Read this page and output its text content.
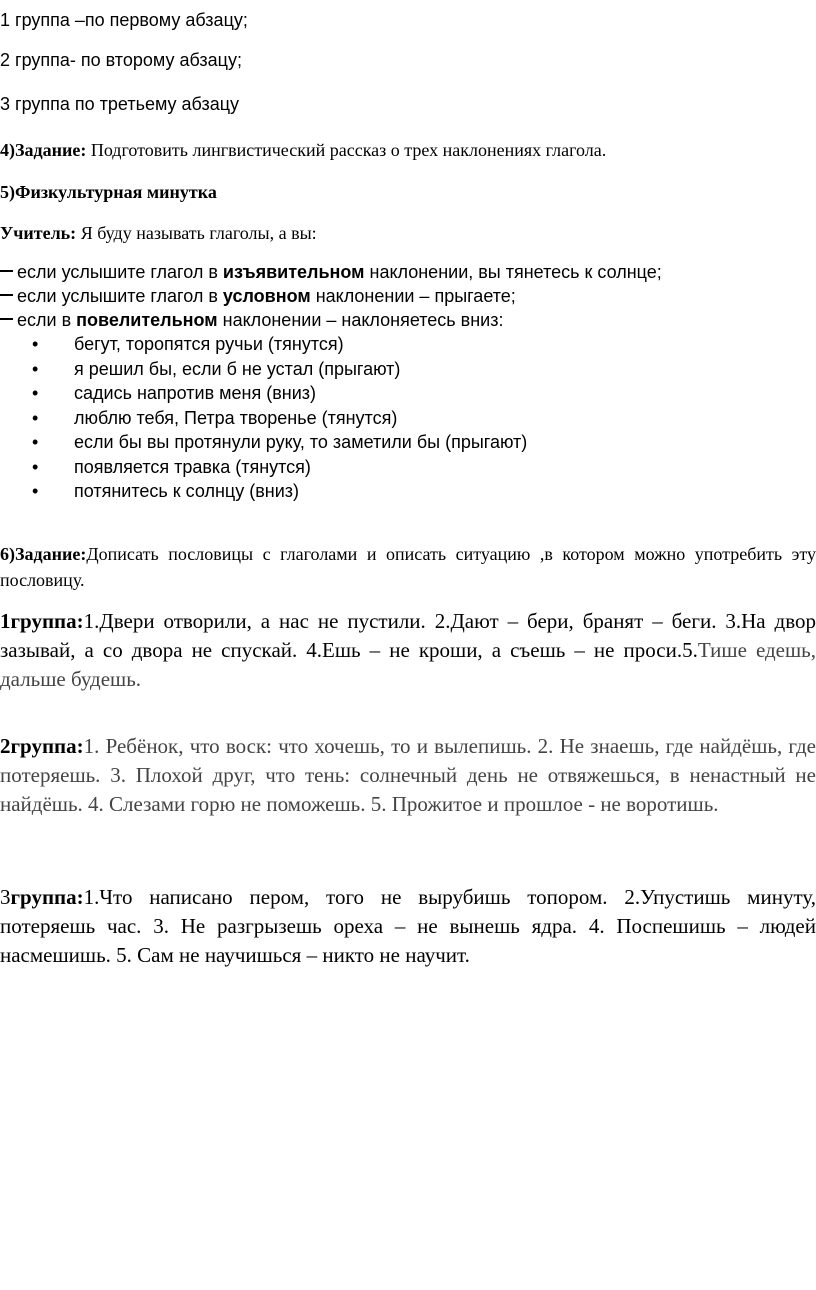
1 группа –по первому абзацу;
2 группа- по второму абзацу;
3 группа по третьему абзацу
4)Задание: Подготовить лингвистический рассказ о трех наклонениях глагола.
5)Физкультурная минутка
Учитель: Я буду называть глаголы, а вы:
если услышите глагол в изъявительном наклонении, вы тянетесь к солнце;
если услышите глагол в условном наклонении – прыгаете;
если в повелительном наклонении – наклоняетесь вниз:
• бегут, торопятся ручьи (тянутся)
• я решил бы, если б не устал (прыгают)
• садись напротив меня (вниз)
• люблю тебя, Петра творенье (тянутся)
• если бы вы протянули руку, то заметили бы (прыгают)
• появляется травка (тянутся)
• потянитесь к солнцу (вниз)
6)Задание:Дописать пословицы с глаголами и описать ситуацию ,в котором можно употребить эту пословицу.
1группа:1.Двери отворили, а нас не пустили. 2.Дают – бери, бранят – беги. 3.На двор зазывай, а со двора не спускай. 4.Ешь – не кроши, а съешь – не проси.5.Тише едешь, дальше будешь.
2группа:1. Ребёнок, что воск: что хочешь, то и вылепишь. 2. Не знаешь, где найдёшь, где потеряешь. 3. Плохой друг, что тень: солнечный день не отвяжешься, в ненастный не найдёшь. 4. Слезами горю не поможешь. 5. Прожитое и прошлое - не воротишь.
3группа:1.Что написано пером, того не вырубишь топором. 2.Упустишь минуту, потеряешь час. 3. Не разгрызешь ореха – не вынешь ядра. 4. Поспешишь – людей насмешишь. 5. Сам не научишься – никто не научит.
